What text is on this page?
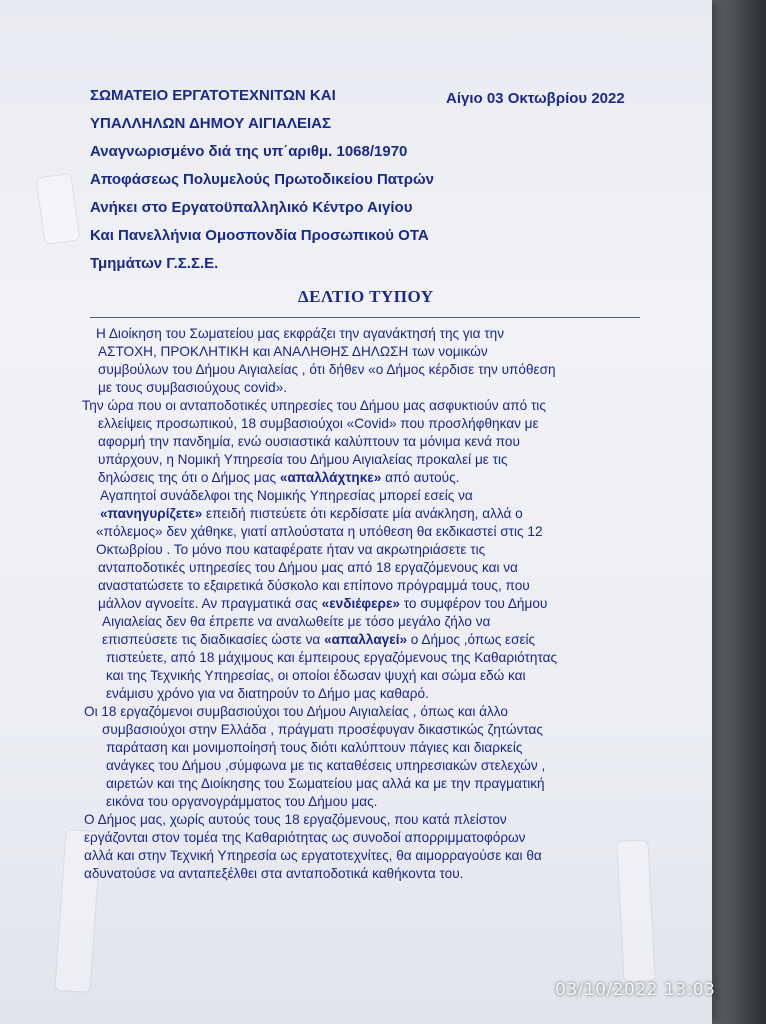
ΣΩΜΑΤΕΙΟ ΕΡΓΑΤΟΤΕΧΝΙΤΩΝ ΚΑΙ
ΥΠΑΛΛΗΛΩΝ ΔΗΜΟΥ ΑΙΓΙΑΛΕΙΑΣ
Αναγνωρισμένο διά της υπ΄αριθμ. 1068/1970
Αποφάσεως Πολυμελούς Πρωτοδικείου Πατρών
Ανήκει στο Εργατοϋπαλληλικό Κέντρο Αιγίου
Και Πανελλήνια Ομοσπονδία Προσωπικού ΟΤΑ
Τμημάτων Γ.Σ.Σ.Ε.
Αίγιο 03 Οκτωβρίου 2022
ΔΕΛΤΙΟ ΤΥΠΟΥ
Η Διοίκηση του Σωματείου μας εκφράζει την αγανάκτησή της για την
ΑΣΤΟΧΗ, ΠΡΟΚΛΗΤΙΚΗ και ΑΝΑΛΗΘΗΣ ΔΗΛΩΣΗ των νομικών
συμβούλων του Δήμου Αιγιαλείας , ότι δήθεν «ο Δήμος κέρδισε την υπόθεση
με τους συμβασιούχους covid».
Την ώρα που οι ανταποδοτικές υπηρεσίες του Δήμου μας ασφυκτιούν από τις
ελλείψεις προσωπικού, 18 συμβασιούχοι «Covid» που προσλήφθηκαν με
αφορμή την πανδημία, ενώ ουσιαστικά καλύπτουν τα μόνιμα κενά που
υπάρχουν, η Νομική Υπηρεσία του Δήμου Αιγιαλείας προκαλεί με τις
δηλώσεις της ότι ο Δήμος μας «απαλλάχτηκε» από αυτούς.
Αγαπητοί συνάδελφοι της Νομικής Υπηρεσίας μπορεί εσείς να
«πανηγυρίζετε» επειδή πιστεύετε ότι κερδίσατε μία ανάκληση, αλλά ο
«πόλεμος» δεν χάθηκε, γιατί απλούστατα η υπόθεση θα εκδικαστεί στις 12
Οκτωβρίου . Το μόνο που καταφέρατε ήταν να ακρωτηριάσετε τις
ανταποδοτικές υπηρεσίες του Δήμου μας από 18 εργαζόμενους και να
αναστατώσετε το εξαιρετικά δύσκολο και επίπονο πρόγραμμά τους, που
μάλλον αγνοείτε. Αν πραγματικά σας «ενδιέφερε» το συμφέρον του Δήμου
Αιγιαλείας δεν θα έπρεπε να αναλωθείτε με τόσο μεγάλο ζήλο να
επισπεύσετε τις διαδικασίες ώστε να «απαλλαγεί» ο Δήμος ,όπως εσείς
πιστεύετε, από 18 μάχιμους και έμπειρους εργαζόμενους της Καθαριότητας
και της Τεχνικής Υπηρεσίας, οι οποίοι έδωσαν ψυχή και σώμα εδώ και
ενάμισυ χρόνο για να διατηρούν το Δήμο μας καθαρό.
Οι 18 εργαζόμενοι συμβασιούχοι του Δήμου Αιγιαλείας , όπως και άλλο
συμβασιούχοι στην Ελλάδα , πράγματι προσέφυγαν δικαστικώς ζητώντας
παράταση και μονιμοποίησή τους διότι καλύπτουν πάγιες και διαρκείς
ανάγκες του Δήμου ,σύμφωνα με τις καταθέσεις υπηρεσιακών στελεχών ,
αιρετών και της Διοίκησης του Σωματείου μας αλλά κα με την πραγματική
εικόνα του οργανογράμματος του Δήμου μας.
Ο Δήμος μας, χωρίς αυτούς τους 18 εργαζόμενους, που κατά πλείστον
εργάζονται στον τομέα της Καθαριότητας ως συνοδοί απορριμματοφόρων
αλλά και στην Τεχνική Υπηρεσία ως εργατοτεχνίτες, θα αιμορραγούσε και θα
αδυνατούσε να ανταπεξέλθει στα ανταποδοτικά καθήκοντα του.
03/10/2022 13:03
